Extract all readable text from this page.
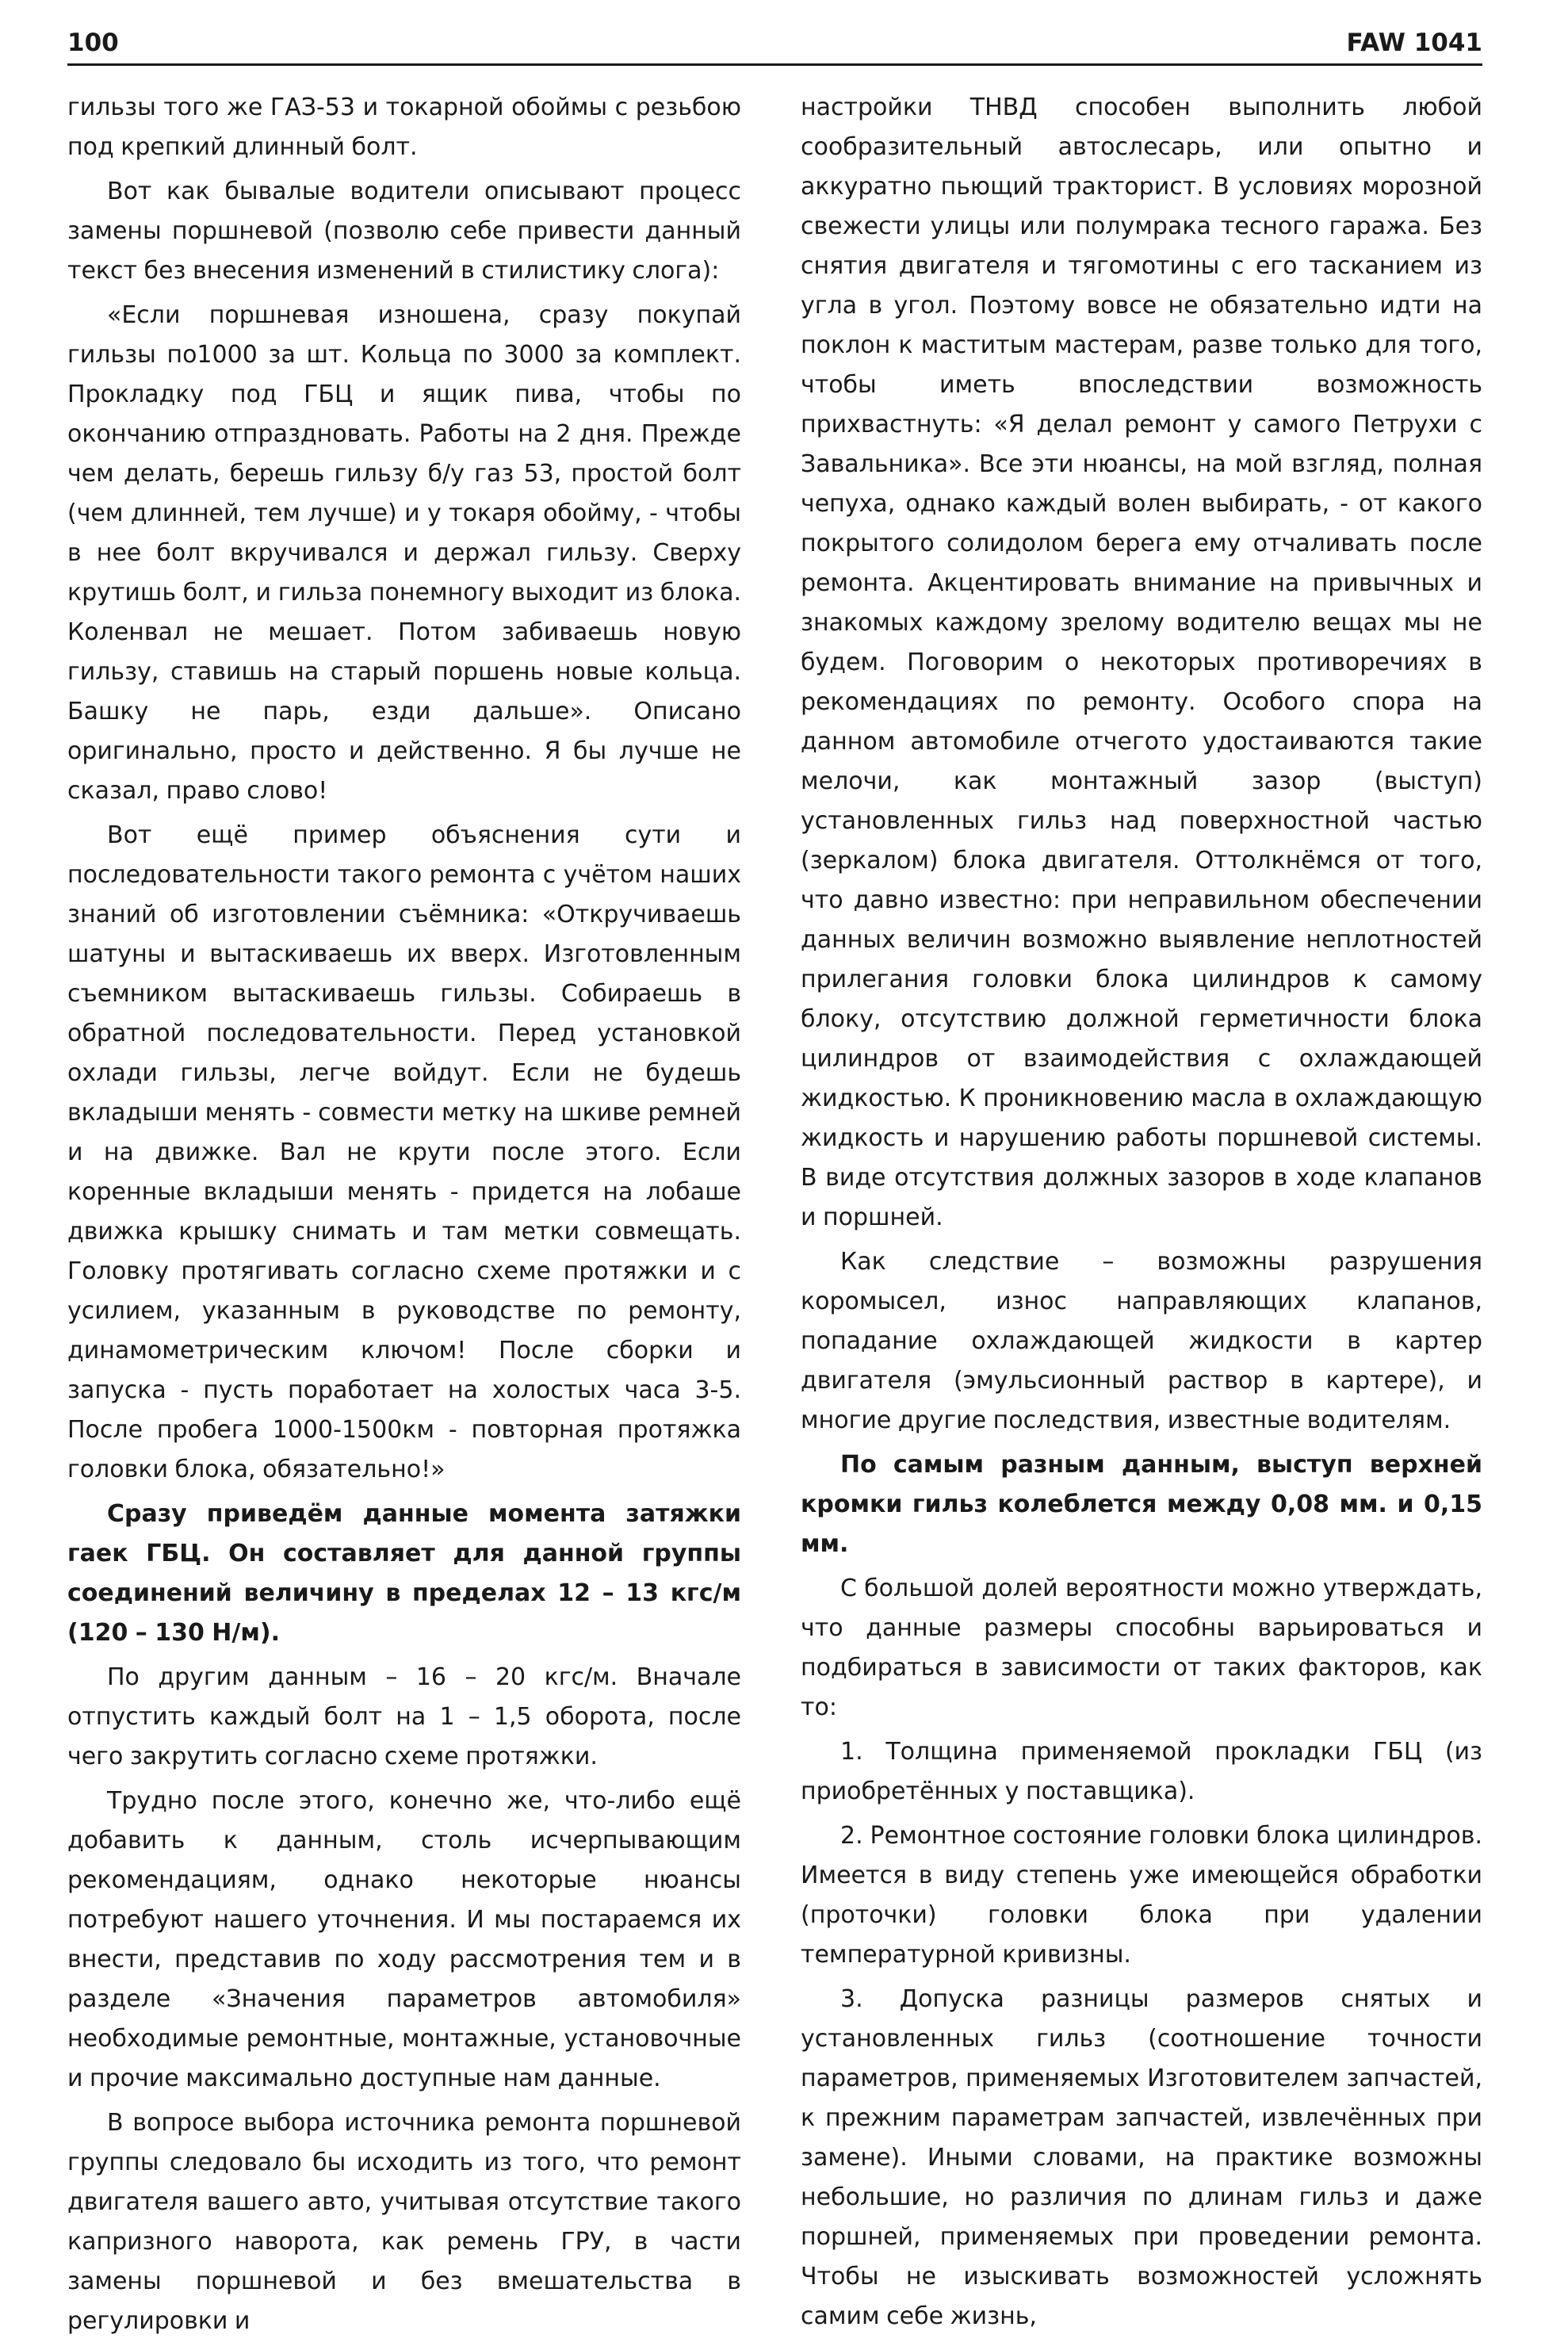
100	FAW 1041

гильзы того же ГАЗ-53 и токарной обоймы с резьбою под крепкий длинный болт.

Вот как бывалые водители описывают процесс замены поршневой (позволю себе привести данный текст без внесения изменений в стилистику слога):

«Если поршневая изношена, сразу покупай гильзы по1000 за шт. Кольца по 3000 за комплект. Прокладку под ГБЦ и ящик пива, чтобы по окончанию отпраздновать. Работы на 2 дня. Прежде чем делать, берешь гильзу б/у газ 53, простой болт (чем длинней, тем лучше) и у токаря обойму, - чтобы в нее болт вкручивался и держал гильзу. Сверху крутишь болт, и гильза понемногу выходит из блока. Коленвал не мешает. Потом забиваешь новую гильзу, ставишь на старый поршень новые кольца. Башку не парь, езди дальше». Описано оригинально, просто и действенно. Я бы лучше не сказал, право слово!

Вот ещё пример объяснения сути и последовательности такого ремонта с учётом наших знаний об изготовлении съёмника: «Откручиваешь шатуны и вытаскиваешь их вверх. Изготовленным съемником вытаскиваешь гильзы. Собираешь в обратной последовательности. Перед установкой охлади гильзы, легче войдут. Если не будешь вкладыши менять - совмести метку на шкиве ремней и на движке. Вал не крути после этого. Если коренные вкладыши менять - придется на лобаше движка крышку снимать и там метки совмещать. Головку протягивать согласно схеме протяжки и с усилием, указанным в руководстве по ремонту, динамометрическим ключом! После сборки и запуска - пусть поработает на холостых часа 3-5. После пробега 1000-1500км - повторная протяжка головки блока, обязательно!»

Сразу приведём данные момента затяжки гаек ГБЦ. Он составляет для данной группы соединений величину в пределах 12 – 13 кгс/м (120 – 130 Н/м).

По другим данным – 16 – 20 кгс/м. Вначале отпустить каждый болт на 1 – 1,5 оборота, после чего закрутить согласно схеме протяжки.

Трудно после этого, конечно же, что-либо ещё добавить к данным, столь исчерпывающим рекомендациям, однако некоторые нюансы потребуют нашего уточнения. И мы постараемся их внести, представив по ходу рассмотрения тем и в разделе «Значения параметров автомобиля» необходимые ремонтные, монтажные, установочные и прочие максимально доступные нам данные.

В вопросе выбора источника ремонта поршневой группы следовало бы исходить из того, что ремонт двигателя вашего авто, учитывая отсутствие такого капризного наворота, как ремень ГРУ, в части замены поршневой и без вмешательства в регулировки и

настройки ТНВД способен выполнить любой сообразительный автослесарь, или опытно и аккуратно пьющий тракторист. В условиях морозной свежести улицы или полумрака тесного гаража. Без снятия двигателя и тягомотины с его тасканием из угла в угол. Поэтому вовсе не обязательно идти на поклон к маститым мастерам, разве только для того, чтобы иметь впоследствии возможность прихвастнуть: «Я делал ремонт у самого Петрухи с Завальника». Все эти нюансы, на мой взгляд, полная чепуха, однако каждый волен выбирать, - от какого покрытого солидолом берега ему отчаливать после ремонта. Акцентировать внимание на привычных и знакомых каждому зрелому водителю вещах мы не будем. Поговорим о некоторых противоречиях в рекомендациях по ремонту. Особого спора на данном автомобиле отчегото удостаиваются такие мелочи, как монтажный зазор (выступ) установленных гильз над поверхностной частью (зеркалом) блока двигателя. Оттолкнёмся от того, что давно известно: при неправильном обеспечении данных величин возможно выявление неплотностей прилегания головки блока цилиндров к самому блоку, отсутствию должной герметичности блока цилиндров от взаимодействия с охлаждающей жидкостью. К проникновению масла в охлаждающую жидкость и нарушению работы поршневой системы. В виде отсутствия должных зазоров в ходе клапанов и поршней.

Как следствие – возможны разрушения коромысел, износ направляющих клапанов, попадание охлаждающей жидкости в картер двигателя (эмульсионный раствор в картере), и многие другие последствия, известные водителям.

По самым разным данным, выступ верхней кромки гильз колеблется между 0,08 мм. и 0,15 мм.

С большой долей вероятности можно утверждать, что данные размеры способны варьироваться и подбираться в зависимости от таких факторов, как то:

1. Толщина применяемой прокладки ГБЦ (из приобретённых у поставщика).

2. Ремонтное состояние головки блока цилиндров. Имеется в виду степень уже имеющейся обработки (проточки) головки блока при удалении температурной кривизны.

3. Допуска разницы размеров снятых и установленных гильз (соотношение точности параметров, применяемых Изготовителем запчастей, к прежним параметрам запчастей, извлечённых при замене). Иными словами, на практике возможны небольшие, но различия по длинам гильз и даже поршней, применяемых при проведении ремонта. Чтобы не изыскивать возможностей усложнять самим себе жизнь,
